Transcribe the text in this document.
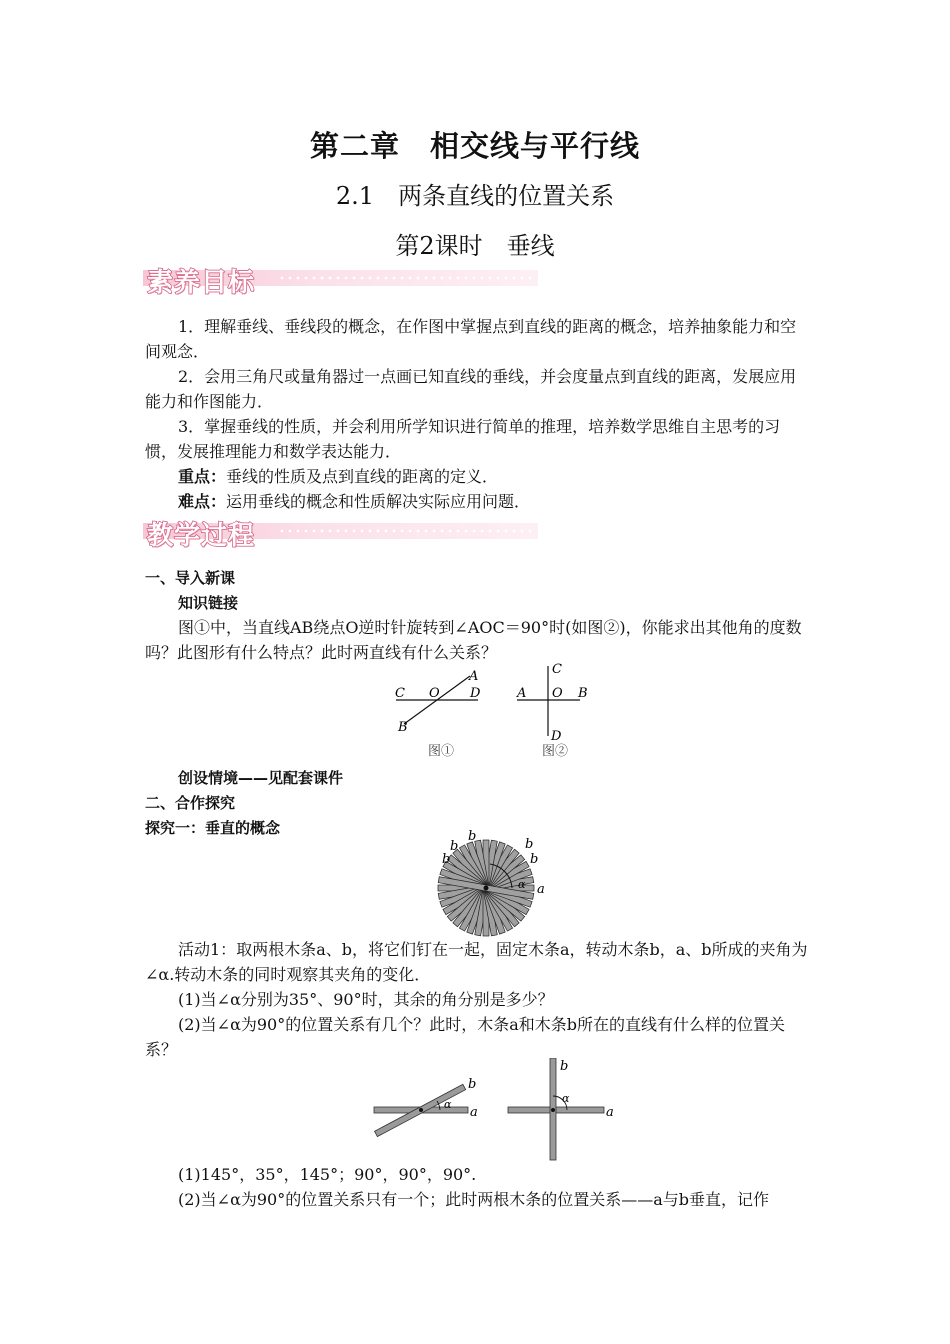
第二章　相交线与平行线
2.1　两条直线的位置关系
第2课时　垂线
素养目标
1．理解垂线、垂线段的概念，在作图中掌握点到直线的距离的概念，培养抽象能力和空间观念．
2．会用三角尺或量角器过一点画已知直线的垂线，并会度量点到直线的距离，发展应用能力和作图能力．
3．掌握垂线的性质，并会利用所学知识进行简单的推理，培养数学思维自主思考的习惯，发展推理能力和数学表达能力．
重点：垂线的性质及点到直线的距离的定义．
难点：运用垂线的概念和性质解决实际应用问题．
教学过程
一、导入新课
知识链接
图①中，当直线AB绕点O逆时针旋转到∠AOC＝90°时(如图②)，你能求出其他角的度数吗？此图形有什么特点？此时两直线有什么关系？
C O D
A
B
图①
A O B
C
D
图②
创设情境——见配套课件
二、合作探究
探究一：垂直的概念
α a
b
b
b
b
b
活动1：取两根木条a、b，将它们钉在一起，固定木条a，转动木条b，a、b所成的夹角为∠α.转动木条的同时观察其夹角的变化．
(1)当∠α分别为35°、90°时，其余的角分别是多少？
(2)当∠α为90°的位置关系有几个？此时，木条a和木条b所在的直线有什么样的位置关系？
α
a
b
α
a
b
(1)145°，35°，145°；90°，90°，90°.
(2)当∠α为90°的位置关系只有一个；此时两根木条的位置关系——a与b垂直，记作
